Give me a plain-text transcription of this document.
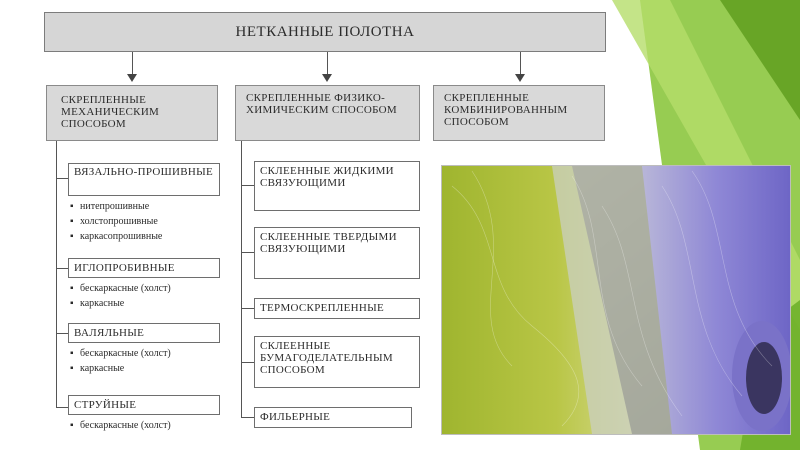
НЕТКАННЫЕ ПОЛОТНА
СКРЕПЛЕННЫЕ МЕХАНИЧЕСКИМ СПОСОБОМ
СКРЕПЛЕННЫЕ ФИЗИКО-ХИМИЧЕСКИМ СПОСОБОМ
СКРЕПЛЕННЫЕ КОМБИНИРОВАННЫМ СПОСОБОМ
ВЯЗАЛЬНО-ПРОШИВНЫЕ
▪ нитепрошивные
▪ холстопрошивные
▪ каркасопрошивные
ИГЛОПРОБИВНЫЕ
▪ бескаркасные (холст)
▪ каркасные
ВАЛЯЛЬНЫЕ
▪ бескаркасные (холст)
▪ каркасные
СТРУЙНЫЕ
▪ бескаркасные (холст)
СКЛЕЕННЫЕ ЖИДКИМИ СВЯЗУЮЩИМИ
СКЛЕЕННЫЕ ТВЕРДЫМИ СВЯЗУЮЩИМИ
ТЕРМОСКРЕПЛЕННЫЕ
СКЛЕЕННЫЕ БУМАГОДЕЛАТЕЛЬНЫМ СПОСОБОМ
ФИЛЬЕРНЫЕ
